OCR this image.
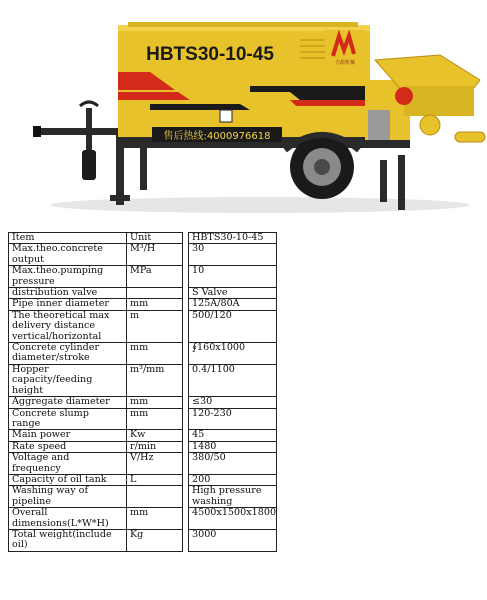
力源机械
HBTS30-10-45
售后热线:4000976618
Item	Unit		HBTS30-10-45	
Max.theo.concrete
output	M³/H		30	
Max.theo.pumping
pressure	MPa		10	
distribution valve			S Valve	
Pipe inner diameter	mm		125A/80A	
The theoretical max
delivery distance
vertical/horizontal	m		500/120	
Concrete cylinder
diameter/stroke	mm		∮160x1000	
Hopper
capacity/feeding
height	m³/mm		0.4/1100	
Aggregate diameter	mm		≤30	
Concrete slump
range	mm		120-230	
Main power	Kw		45	
Rate speed	r/min		1480	
Voltage and
frequency	V/Hz		380/50	
Capacity of oil tank	L		200	
Washing way of
pipeline			High pressure
washing	
Overall
dimensions(L*W*H)	mm		4500x1500x1800	
Total weight(include
oil)	Kg		3000	
